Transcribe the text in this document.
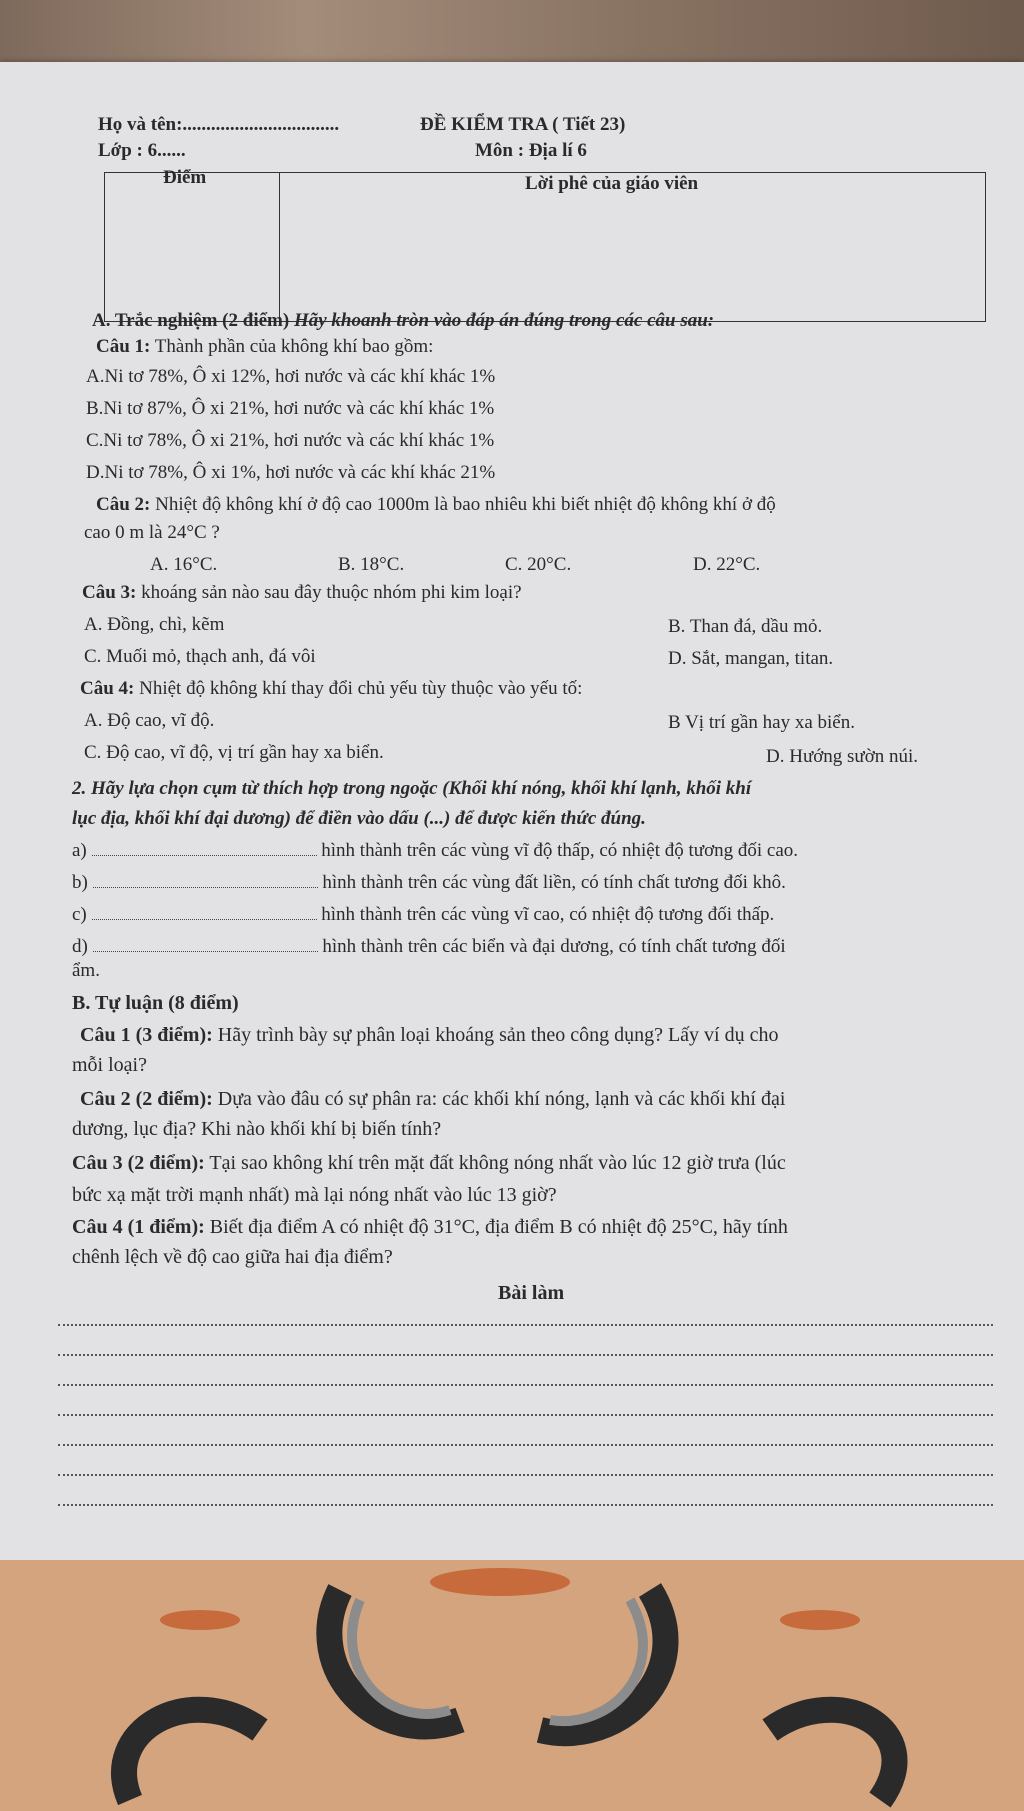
Họ và tên:.................................	ĐỀ KIỂM TRA ( Tiết 23)
Lớp : 6......	Môn : Địa lí 6
Điểm	Lời phê của giáo viên
A. Trắc nghiệm (2 điểm) Hãy khoanh tròn vào đáp án đúng trong các câu sau:
Câu 1: Thành phần của không khí bao gồm:
A.Ni tơ 78%, Ô xi 12%, hơi nước và các khí khác 1%
B.Ni tơ 87%, Ô xi 21%, hơi nước và các khí khác 1%
C.Ni tơ 78%, Ô xi 21%, hơi nước và các khí khác 1%
D.Ni tơ 78%, Ô xi 1%, hơi nước và các khí khác 21%
Câu 2: Nhiệt độ không khí ở độ cao 1000m là bao nhiêu khi biết nhiệt độ không khí ở độ
cao 0 m là 24°C ?
A. 16°C.	B. 18°C.	C. 20°C.	D. 22°C.
Câu 3: khoáng sản nào sau đây thuộc nhóm phi kim loại?
A. Đồng, chì, kẽm	B. Than đá, dầu mỏ.
C. Muối mỏ, thạch anh, đá vôi	D. Sắt, mangan, titan.
Câu 4: Nhiệt độ không khí thay đổi chủ yếu tùy thuộc vào yếu tố:
A. Độ cao, vĩ độ.	B Vị trí gần hay xa biển.
C. Độ cao, vĩ độ, vị trí gần hay xa biển.	D. Hướng sườn núi.
2. Hãy lựa chọn cụm từ thích hợp trong ngoặc (Khối khí nóng, khối khí lạnh, khối khí
lục địa, khối khí đại dương) để điền vào dấu (...) để được kiến thức đúng.
a)	hình thành trên các vùng vĩ độ thấp, có nhiệt độ tương đối cao.
b)	hình thành trên các vùng đất liền, có tính chất tương đối khô.
c)	hình thành trên các vùng vĩ cao, có nhiệt độ tương đối thấp.
d)	hình thành trên các biển và đại dương, có tính chất tương đối
ẩm.
B. Tự luận (8 điểm)
Câu 1 (3 điểm): Hãy trình bày sự phân loại khoáng sản theo công dụng? Lấy ví dụ cho
mỗi loại?
Câu 2 (2 điểm): Dựa vào đâu có sự phân ra: các khối khí nóng, lạnh và các khối khí đại
dương, lục địa? Khi nào khối khí bị biến tính?
Câu 3 (2 điểm): Tại sao không khí trên mặt đất không nóng nhất vào lúc 12 giờ trưa (lúc
bức xạ mặt trời mạnh nhất) mà lại nóng nhất vào lúc 13 giờ?
Câu 4 (1 điểm): Biết địa điểm A có nhiệt độ 31°C, địa điểm B có nhiệt độ 25°C, hãy tính
chênh lệch về độ cao giữa hai địa điểm?
Bài làm
